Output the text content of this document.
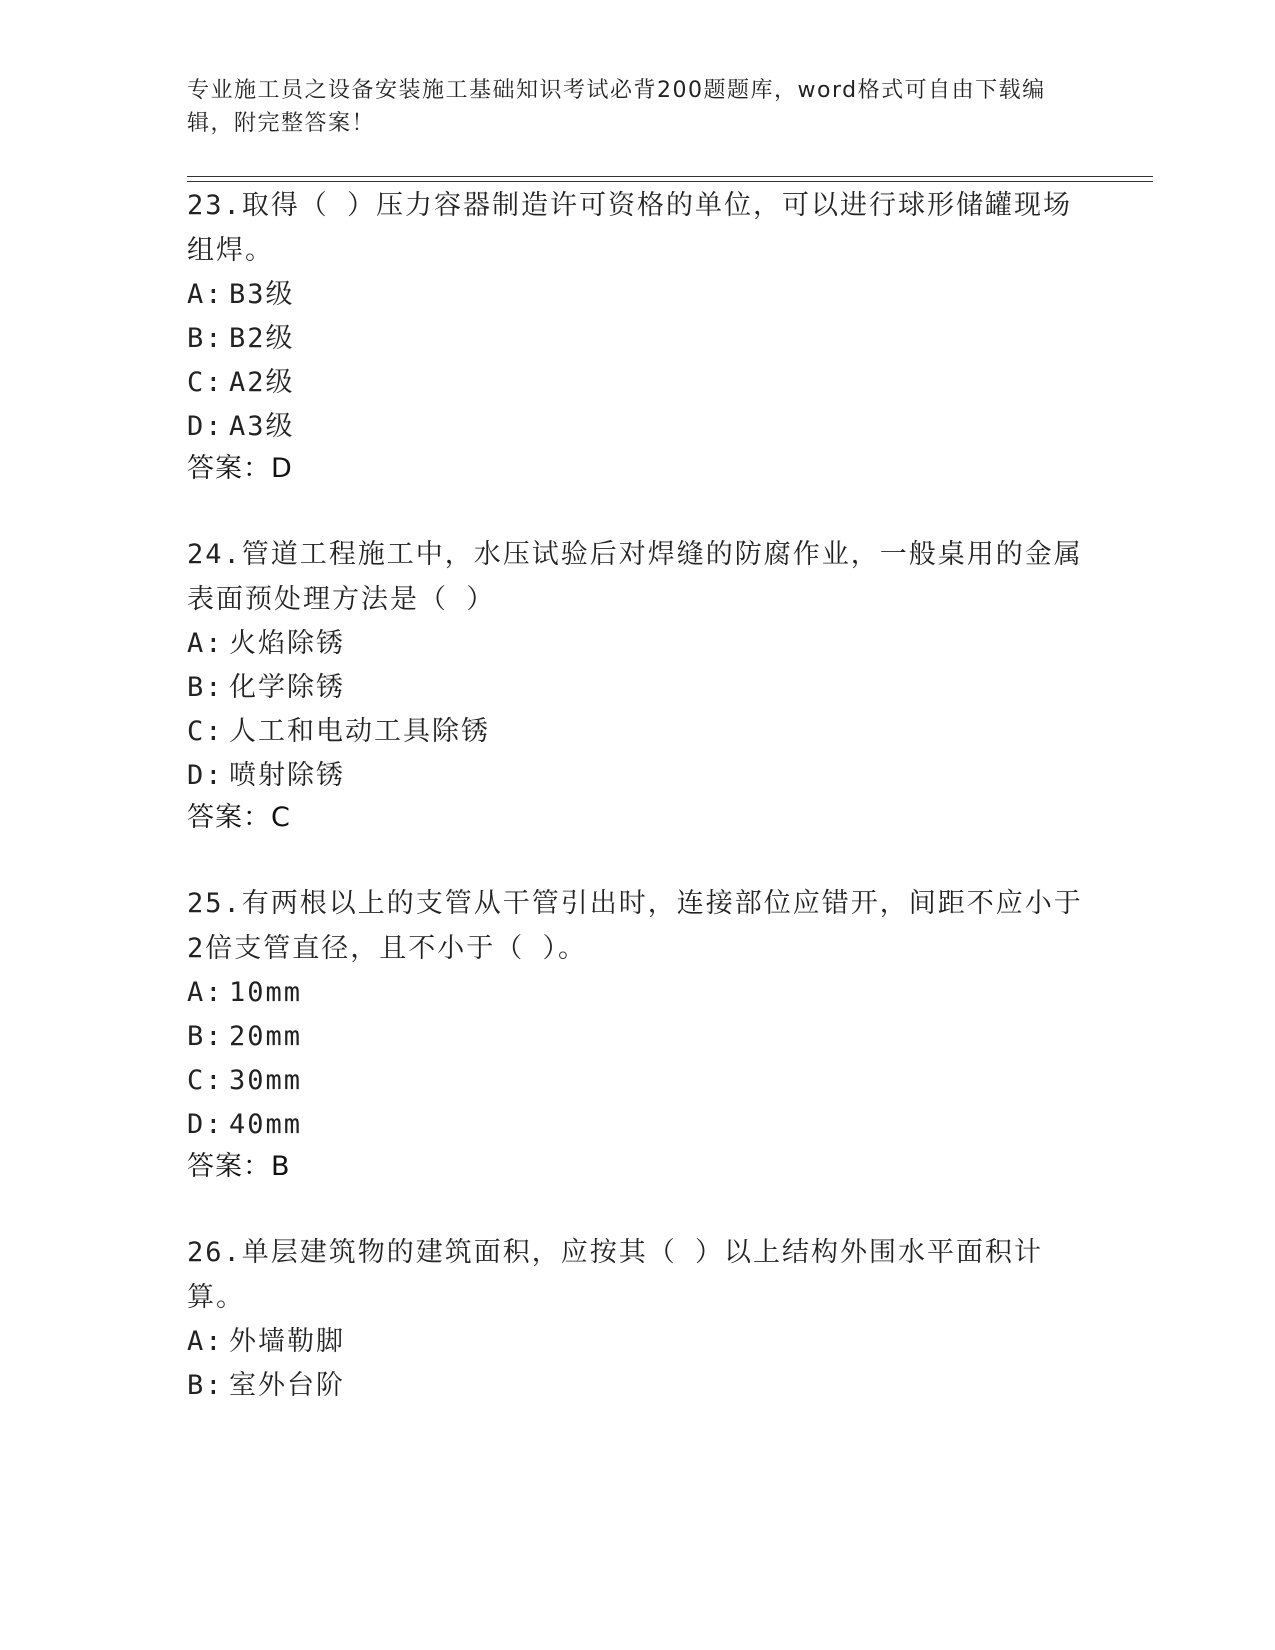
专业施工员之设备安装施工基础知识考试必背200题题库，word格式可自由下载编辑，附完整答案！
23.取得（ ）压力容器制造许可资格的单位，可以进行球形储罐现场组焊。
A: B3级
B: B2级
C: A2级
D: A3级
答案：D
24.管道工程施工中，水压试验后对焊缝的防腐作业，一般桌用的金属表面预处理方法是（ ）
A: 火焰除锈
B: 化学除锈
C: 人工和电动工具除锈
D: 喷射除锈
答案：C
25.有两根以上的支管从干管引出时，连接部位应错开，间距不应小于2倍支管直径，且不小于（ ）。
A: 10mm
B: 20mm
C: 30mm
D: 40mm
答案：B
26.单层建筑物的建筑面积，应按其（ ）以上结构外围水平面积计算。
A: 外墙勒脚
B: 室外台阶
